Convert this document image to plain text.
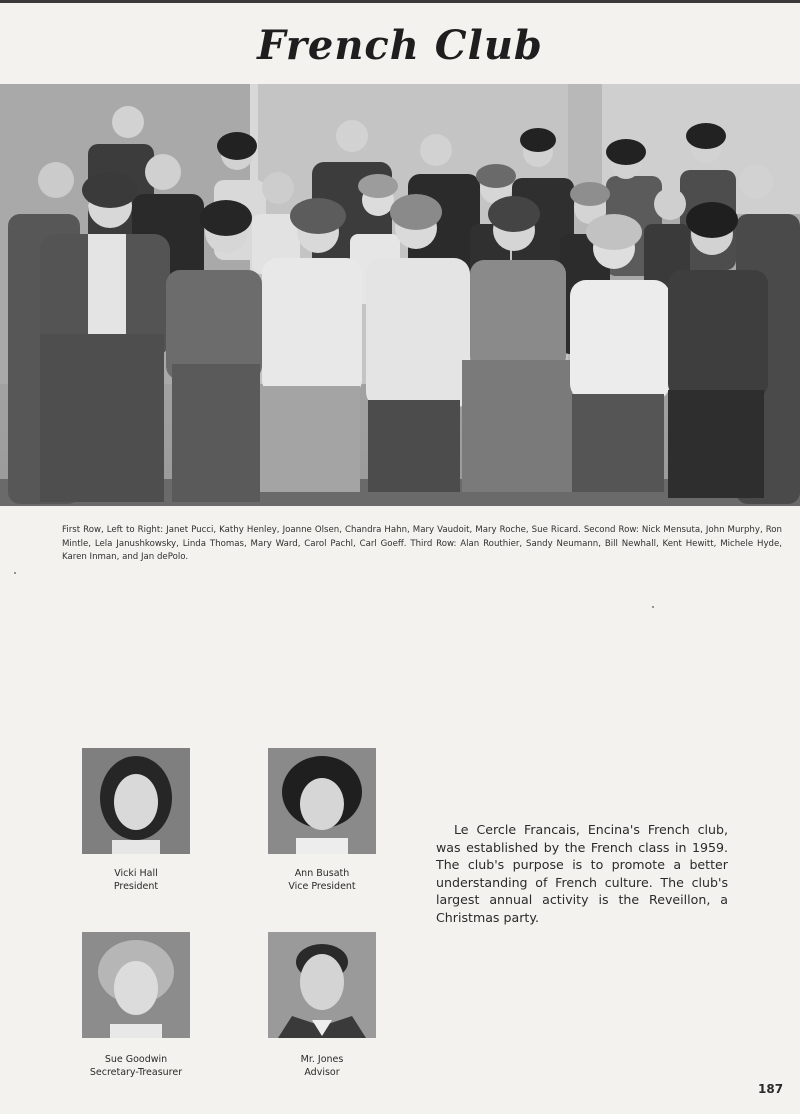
French Club
First Row, Left to Right: Janet Pucci, Kathy Henley, Joanne Olsen, Chandra Hahn, Mary Vaudoit, Mary Roche, Sue Ricard. Second Row: Nick Mensuta, John Murphy, Ron Mintle, Lela Janushkowsky, Linda Thomas, Mary Ward, Carol Pachl, Carl Goeff. Third Row: Alan Routhier, Sandy Neumann, Bill Newhall, Kent Hewitt, Michele Hyde, Karen Inman, and Jan dePolo.
Vicki Hall
President
Ann Busath
Vice President
Sue Goodwin
Secretary-Treasurer
Mr. Jones
Advisor
Le Cercle Francais, Encina's French club, was established by the French class in 1959. The club's purpose is to promote a better understanding of French culture. The club's largest annual activity is the Reveillon, a Christmas party.
187
